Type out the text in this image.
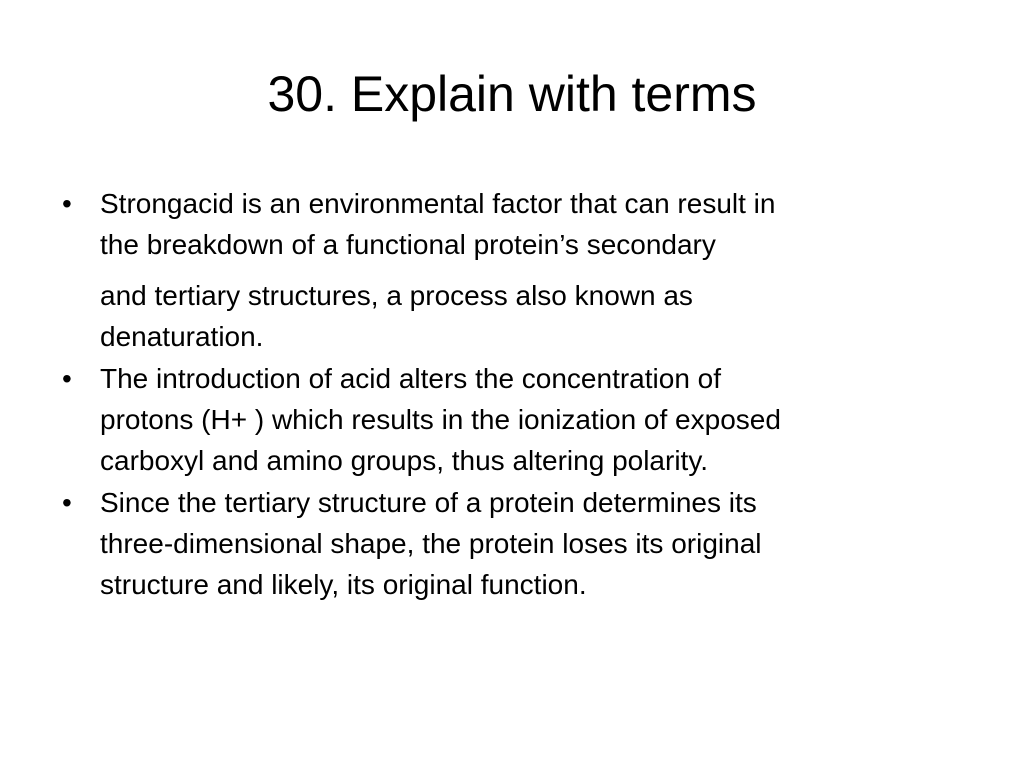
30. Explain with terms
•	Strongacid is an environmental factor that can result in
the breakdown of a functional protein’s secondary
and tertiary structures, a process also known as
denaturation.
•	The introduction of acid alters the concentration of
protons (H+ ) which results in the ionization of exposed
carboxyl and amino groups, thus altering polarity.
•	Since the tertiary structure of a protein determines its
three-dimensional shape, the protein loses its original
structure and likely, its original function.
